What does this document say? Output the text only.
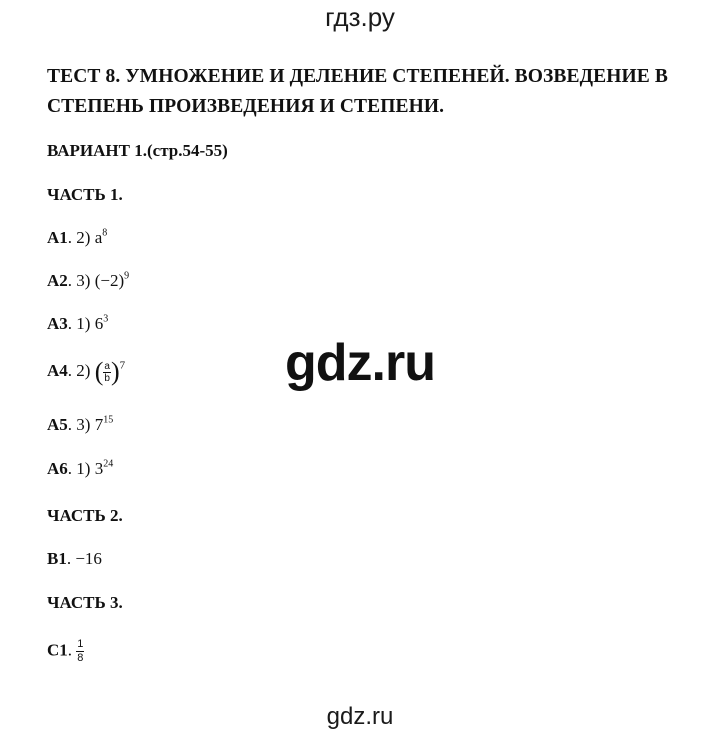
гдз.ру
ТЕСТ 8. УМНОЖЕНИЕ И ДЕЛЕНИЕ СТЕПЕНЕЙ. ВОЗВЕДЕНИЕ В СТЕПЕНЬ ПРОИЗВЕДЕНИЯ И СТЕПЕНИ.
ВАРИАНТ 1.(стр.54-55)
ЧАСТЬ 1.
А1. 2) $a^8$
А2. 3) $(-2)^9$
А3. 1) $6^3$
А4. 2) ( $\frac{a}{b} )^7$
А5. 3) $7^{15}$
А6. 1) $3^{24}$
ЧАСТЬ 2.
В1. −16
ЧАСТЬ 3.
С1. $\frac{1}{8}$
gdz.ru
gdz.ru
